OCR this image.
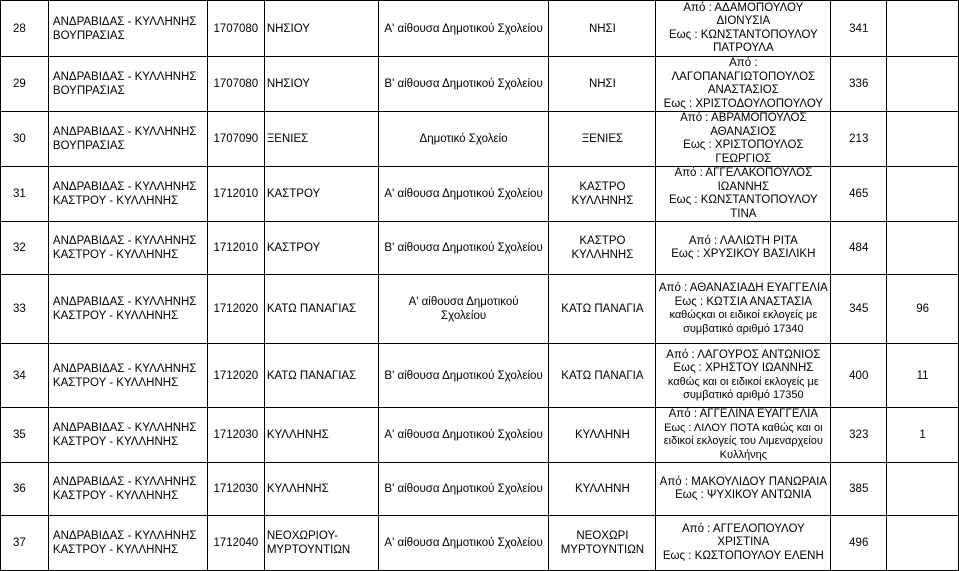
28	ΑΝΔΡΑΒΙΔΑΣ - ΚΥΛΛΗΝΗΣ
ΒΟΥΠΡΑΣΙΑΣ	1707080	ΝΗΣΙΟΥ	Α' αίθουσα Δημοτικού Σχολείου	ΝΗΣΙ	Από : ΑΔΑΜΟΠΟΥΛΟΥ
ΔΙΟΝΥΣΙΑ
Εως : ΚΩΝΣΤΑΝΤΟΠΟΥΛΟΥ
ΠΑΤΡΟΥΛΑ	341	
29	ΑΝΔΡΑΒΙΔΑΣ - ΚΥΛΛΗΝΗΣ
ΒΟΥΠΡΑΣΙΑΣ	1707080	ΝΗΣΙΟΥ	Β' αίθουσα Δημοτικού Σχολείου	ΝΗΣΙ	Από :
ΛΑΓΟΠΑΝΑΓΙΩΤΟΠΟΥΛΟΣ
ΑΝΑΣΤΑΣΙΟΣ
Εως : ΧΡΙΣΤΟΔΟΥΛΟΠΟΥΛΟΥ	336	
30	ΑΝΔΡΑΒΙΔΑΣ - ΚΥΛΛΗΝΗΣ
ΒΟΥΠΡΑΣΙΑΣ	1707090	ΞΕΝΙΕΣ	Δημοτικό Σχολείο	ΞΕΝΙΕΣ	Από : ΑΒΡΑΜΟΠΟΥΛΟΣ
ΑΘΑΝΑΣΙΟΣ
Εως : ΧΡΙΣΤΟΠΟΥΛΟΣ
ΓΕΩΡΓΙΟΣ	213	
31	ΑΝΔΡΑΒΙΔΑΣ - ΚΥΛΛΗΝΗΣ
ΚΑΣΤΡΟΥ - ΚΥΛΛΗΝΗΣ	1712010	ΚΑΣΤΡΟΥ	Α' αίθουσα Δημοτικού Σχολείου	ΚΑΣΤΡΟ
ΚΥΛΛΗΝΗΣ	Από : ΑΓΓΕΛΑΚΟΠΟΥΛΟΣ
ΙΩΑΝΝΗΣ
Εως : ΚΩΝΣΤΑΝΤΟΠΟΥΛΟΥ
ΤΙΝΑ	465	
32	ΑΝΔΡΑΒΙΔΑΣ - ΚΥΛΛΗΝΗΣ
ΚΑΣΤΡΟΥ - ΚΥΛΛΗΝΗΣ	1712010	ΚΑΣΤΡΟΥ	Β' αίθουσα Δημοτικού Σχολείου	ΚΑΣΤΡΟ
ΚΥΛΛΗΝΗΣ	Από : ΛΑΛΙΩΤΗ ΡΙΤΑ
Εως : ΧΡΥΣΙΚΟΥ ΒΑΣΙΛΙΚΗ	484	
33	ΑΝΔΡΑΒΙΔΑΣ - ΚΥΛΛΗΝΗΣ
ΚΑΣΤΡΟΥ - ΚΥΛΛΗΝΗΣ	1712020	ΚΑΤΩ ΠΑΝΑΓΙΑΣ	Α' αίθουσα Δημοτικού
Σχολείου	ΚΑΤΩ ΠΑΝΑΓΙΑ	Από : ΑΘΑΝΑΣΙΑΔΗ ΕΥΑΓΓΕΛΙΑ
Εως : ΚΩΤΣΙΑ ΑΝΑΣΤΑΣΙΑ
καθώςκαι οι ειδικοί εκλογείς με
συμβατικό αριθμό 17340	345	96
34	ΑΝΔΡΑΒΙΔΑΣ - ΚΥΛΛΗΝΗΣ
ΚΑΣΤΡΟΥ - ΚΥΛΛΗΝΗΣ	1712020	ΚΑΤΩ ΠΑΝΑΓΙΑΣ	Β' αίθουσα Δημοτικού Σχολείου	ΚΑΤΩ ΠΑΝΑΓΙΑ	Από : ΛΑΓΟΥΡΟΣ ΑΝΤΩΝΙΟΣ
Εως : ΧΡΗΣΤΟΥ ΙΩΑΝΝΗΣ
καθώς και οι ειδικοί εκλογείς με
συμβατικό αριθμό 17350	400	11
35	ΑΝΔΡΑΒΙΔΑΣ - ΚΥΛΛΗΝΗΣ
ΚΑΣΤΡΟΥ - ΚΥΛΛΗΝΗΣ	1712030	ΚΥΛΛΗΝΗΣ	Α' αίθουσα Δημοτικού Σχολείου	ΚΥΛΛΗΝΗ	Από : ΑΓΓΕΛΙΝΑ ΕΥΑΓΓΕΛΙΑ
Εως : ΛΙΛΟΥ ΠΟΤΑ καθώς και οι
ειδικοί εκλογείς του Λιμεναρχείου
Κυλλήνης	323	1
36	ΑΝΔΡΑΒΙΔΑΣ - ΚΥΛΛΗΝΗΣ
ΚΑΣΤΡΟΥ - ΚΥΛΛΗΝΗΣ	1712030	ΚΥΛΛΗΝΗΣ	Β' αίθουσα Δημοτικού Σχολείου	ΚΥΛΛΗΝΗ	Από : ΜΑΚΟΥΛΙΔΟΥ ΠΑΝΩΡΑΙΑ
Εως : ΨΥΧΙΚΟΥ ΑΝΤΩΝΙΑ	385	
37	ΑΝΔΡΑΒΙΔΑΣ - ΚΥΛΛΗΝΗΣ
ΚΑΣΤΡΟΥ - ΚΥΛΛΗΝΗΣ	1712040	ΝΕΟΧΩΡΙΟΥ-
ΜΥΡΤΟΥΝΤΙΩΝ	Α' αίθουσα Δημοτικού Σχολείου	ΝΕΟΧΩΡΙ
ΜΥΡΤΟΥΝΤΙΩΝ	Από : ΑΓΓΕΛΟΠΟΥΛΟΥ
ΧΡΙΣΤΙΝΑ
Εως : ΚΩΣΤΟΠΟΥΛΟΥ ΕΛΕΝΗ	496	
